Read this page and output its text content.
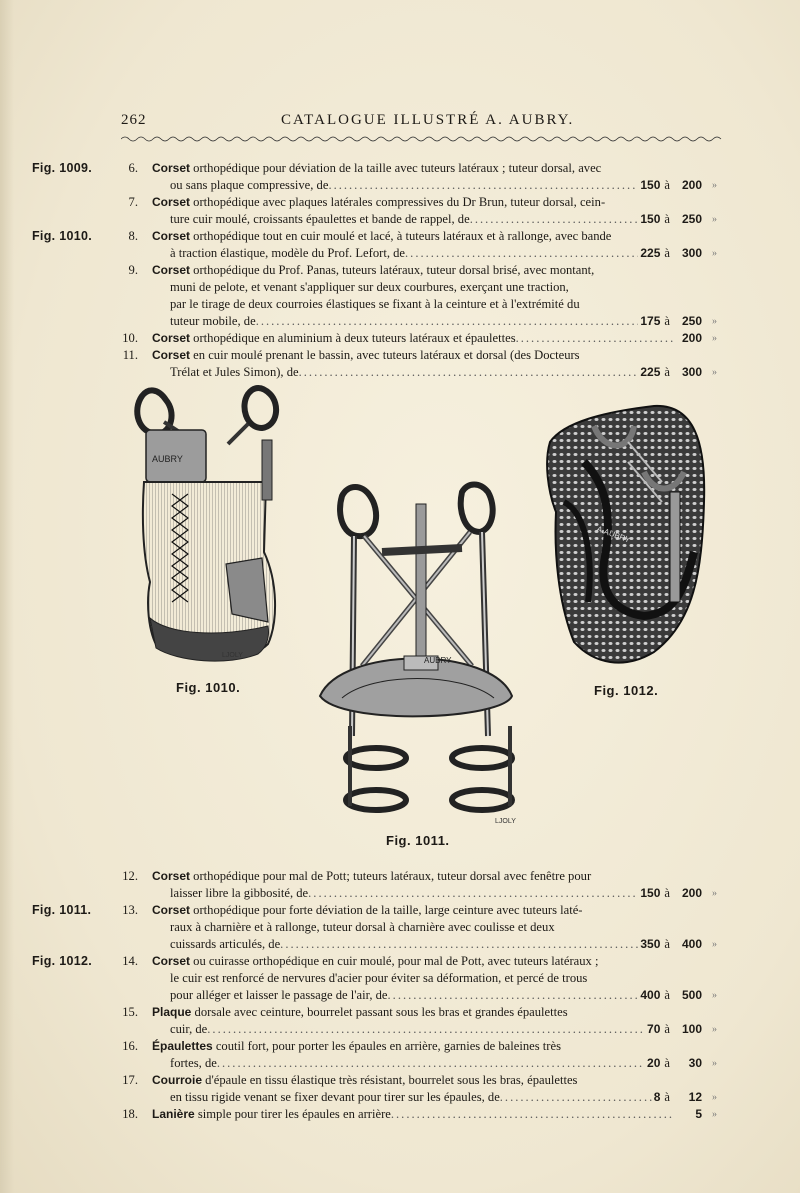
262	CATALOGUE ILLUSTRÉ A. AUBRY.
Fig. 1009.	6. Corset orthopédique pour déviation de la taille avec tuteurs latéraux ; tuteur dorsal, avec
ou sans plaque compressive, de .....	150 à 200 »
7. Corset orthopédique avec plaques latérales compressives du Dr Brun, tuteur dorsal, cein-
ture cuir moulé, croissants épaulettes et bande de rappel, de .....	150 à 250 »
Fig. 1010.	8. Corset orthopédique tout en cuir moulé et lacé, à tuteurs latéraux et à rallonge, avec bande
à traction élastique, modèle du Prof. Lefort, de .....	225 à 300 »
9. Corset orthopédique du Prof. Panas, tuteurs latéraux, tuteur dorsal brisé, avec montant,
muni de pelote, et venant s'appliquer sur deux courbures, exerçant une traction,
par le tirage de deux courroies élastiques se fixant à la ceinture et à l'extrémité du
tuteur mobile, de .....	175 à 250 »
10. Corset orthopédique en aluminium à deux tuteurs latéraux et épaulettes .....	200 »
11. Corset en cuir moulé prenant le bassin, avec tuteurs latéraux et dorsal (des Docteurs
Trélat et Jules Simon), de .....	225 à 300 »
12. Corset orthopédique pour mal de Pott; tuteurs latéraux, tuteur dorsal avec fenêtre pour
laisser libre la gibbosité, de .....	150 à 200 »
Fig. 1011.	13. Corset orthopédique pour forte déviation de la taille, large ceinture avec tuteurs laté-
raux à charnière et à rallonge, tuteur dorsal à charnière avec coulisse et deux
cuissards articulés, de .....	350 à 400 »
Fig. 1012.	14. Corset ou cuirasse orthopédique en cuir moulé, pour mal de Pott, avec tuteurs latéraux ;
le cuir est renforcé de nervures d'acier pour éviter sa déformation, et percé de trous
pour alléger et laisser le passage de l'air, de .....	400 à 500 »
15. Plaque dorsale avec ceinture, bourrelet passant sous les bras et grandes épaulettes
cuir, de .....	70 à 100 »
16. Épaulettes coutil fort, pour porter les épaules en arrière, garnies de baleines très
fortes, de .....	20 à	30 »
17. Courroie d'épaule en tissu élastique très résistant, bourrelet sous les bras, épaulettes
en tissu rigide venant se fixer devant pour tirer sur les épaules, de .....	8 à	12 »
18. Lanière simple pour tirer les épaules en arrière .....	5 »
AUBRY
LJOLY
Fig. 1010.
AUBRY
LJOLY
Fig. 1011.
A.AUBRY
Fig. 1012.
